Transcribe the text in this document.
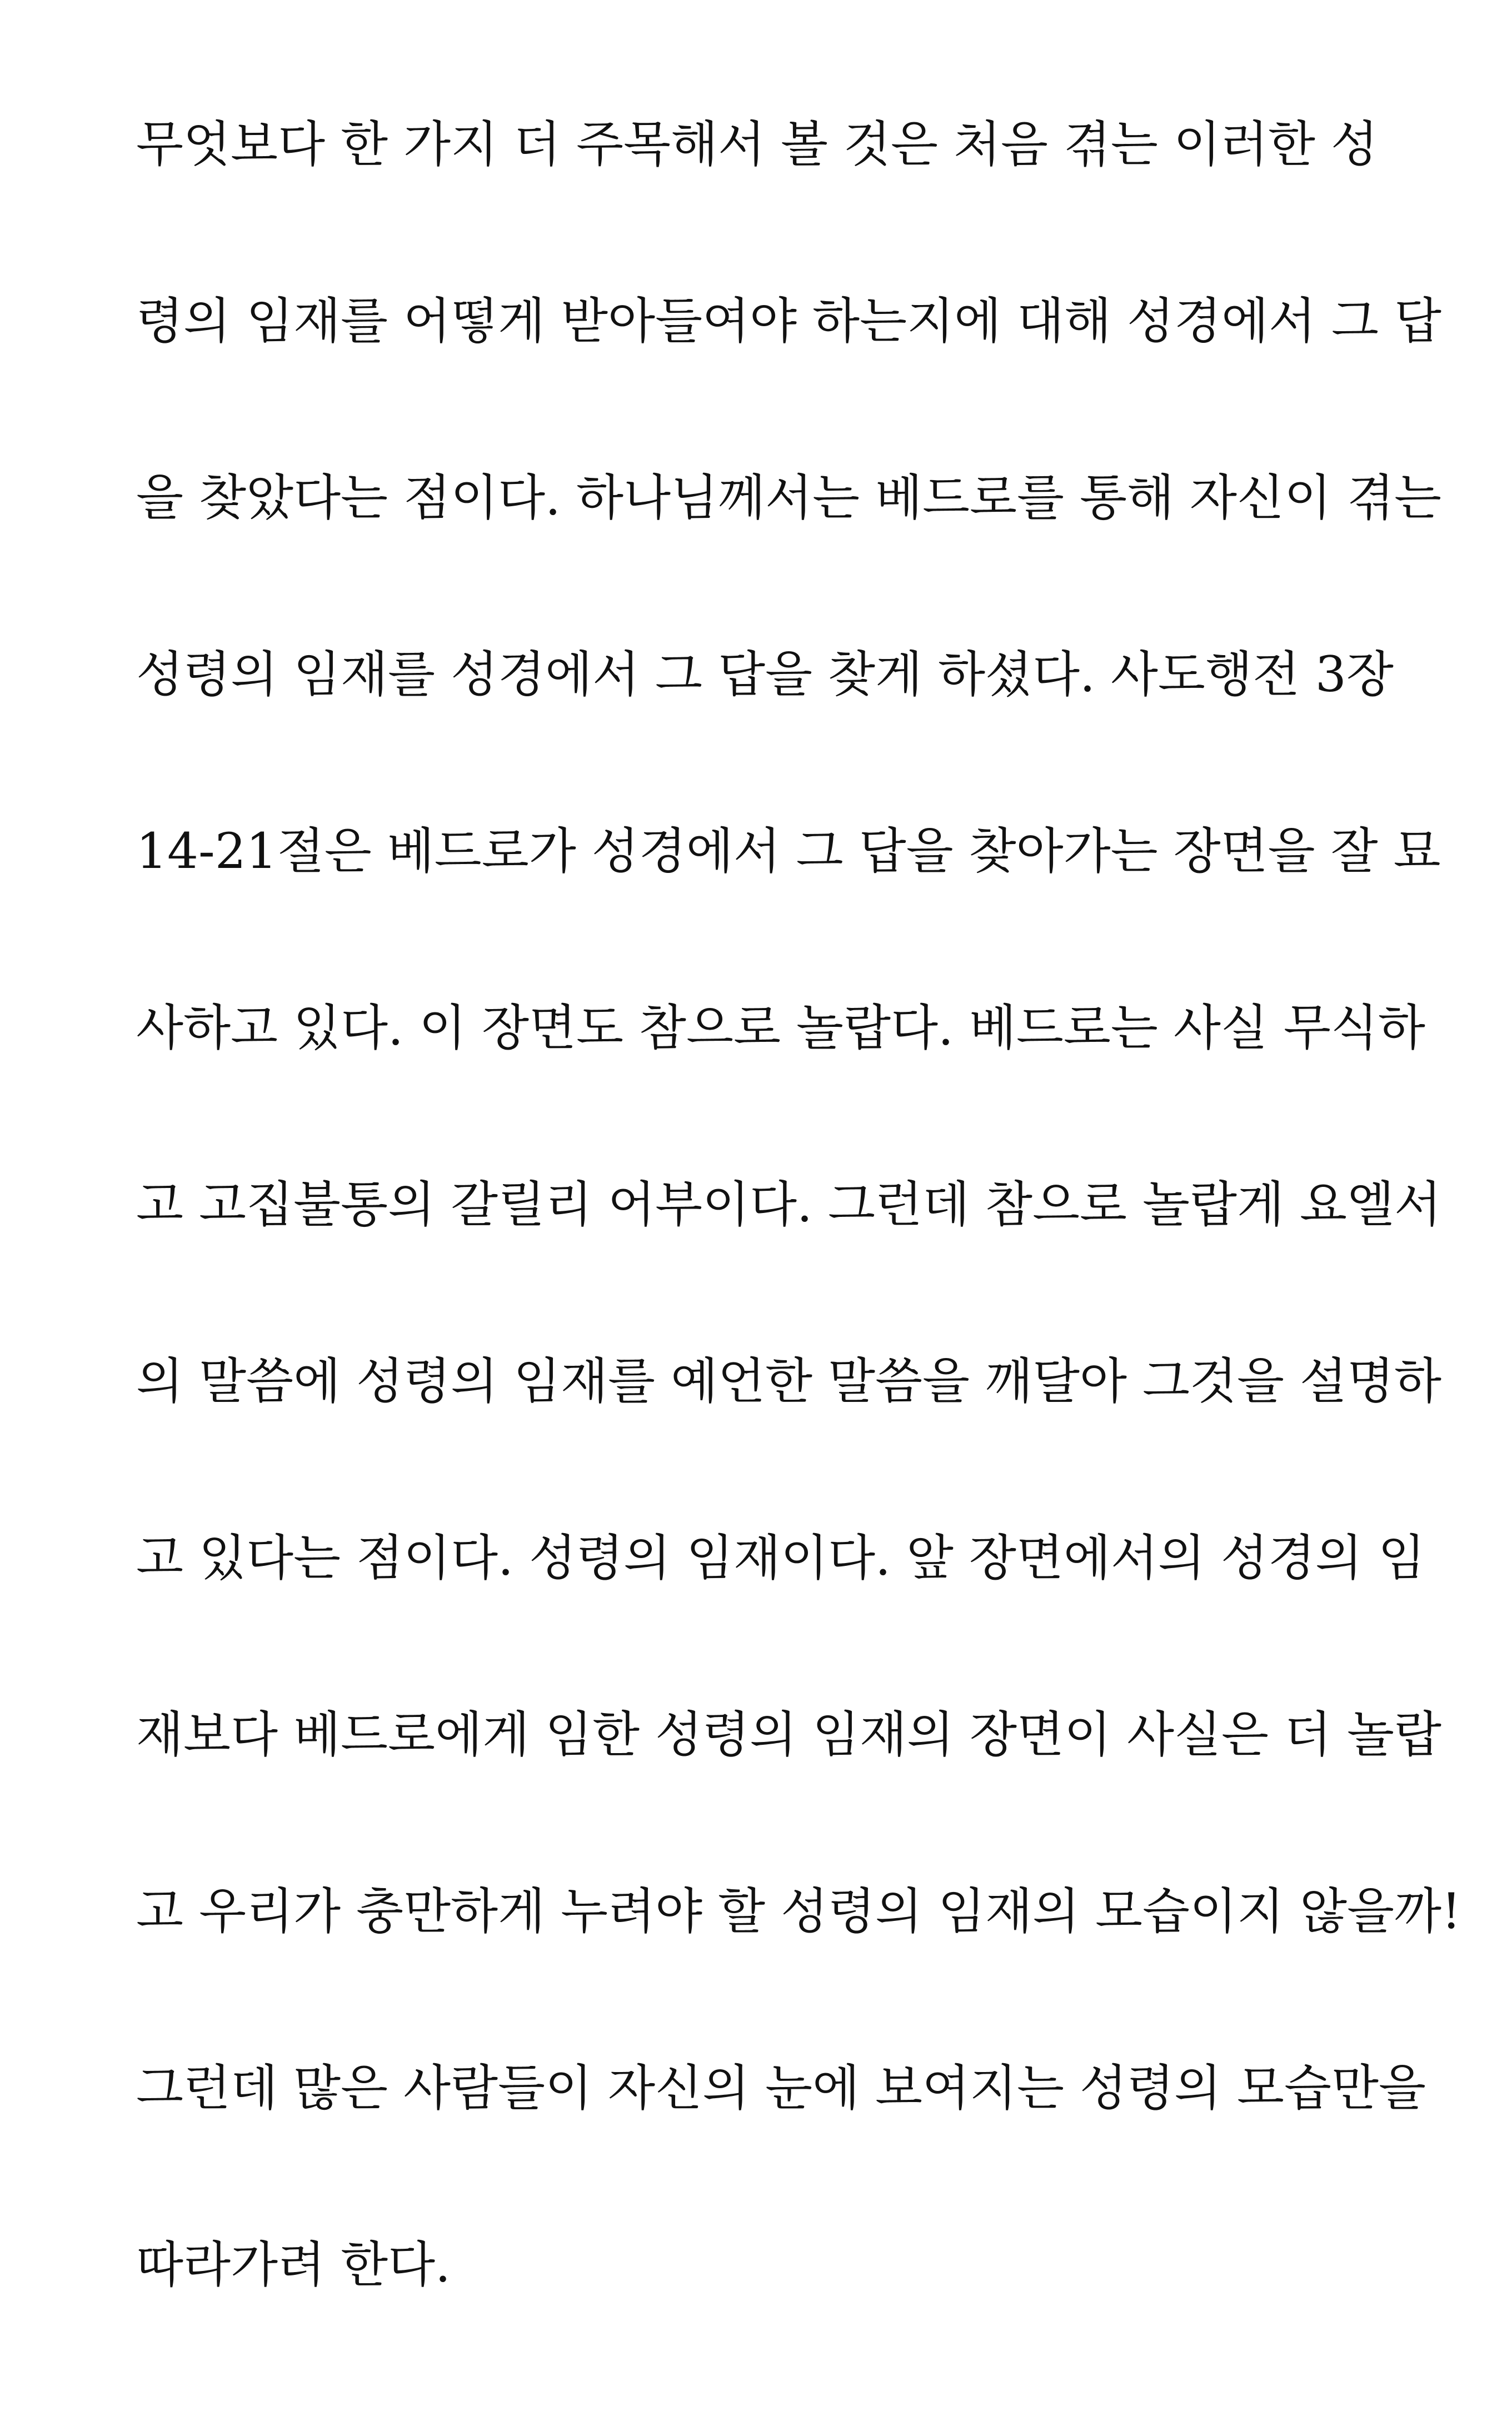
무엇보다 한 가지 더 주목해서 볼 것은 처음 겪는 이러한 성
령의 임재를 어떻게 받아들여야 하는지에 대해 성경에서 그 답
을 찾았다는 점이다. 하나님께서는 베드로를 통해 자신이 겪는
성령의 임재를 성경에서 그 답을 찾게 하셨다. 사도행전 3장
14-21절은 베드로가 성경에서 그 답을 찾아가는 장면을 잘 묘
사하고 있다. 이 장면도 참으로 놀랍다. 베드로는 사실 무식하
고 고집불통의 갈릴리 어부이다. 그런데 참으로 놀랍게 요엘서
의 말씀에 성령의 임재를 예언한 말씀을 깨달아 그것을 설명하
고 있다는 점이다. 성령의 임재이다. 앞 장면에서의 성경의 임
재보다 베드로에게 임한 성령의 임재의 장면이 사실은 더 놀랍
고 우리가 충만하게 누려야 할 성령의 임재의 모습이지 않을까!
그런데 많은 사람들이 자신의 눈에 보여지는 성령의 모습만을
따라가려 한다.
